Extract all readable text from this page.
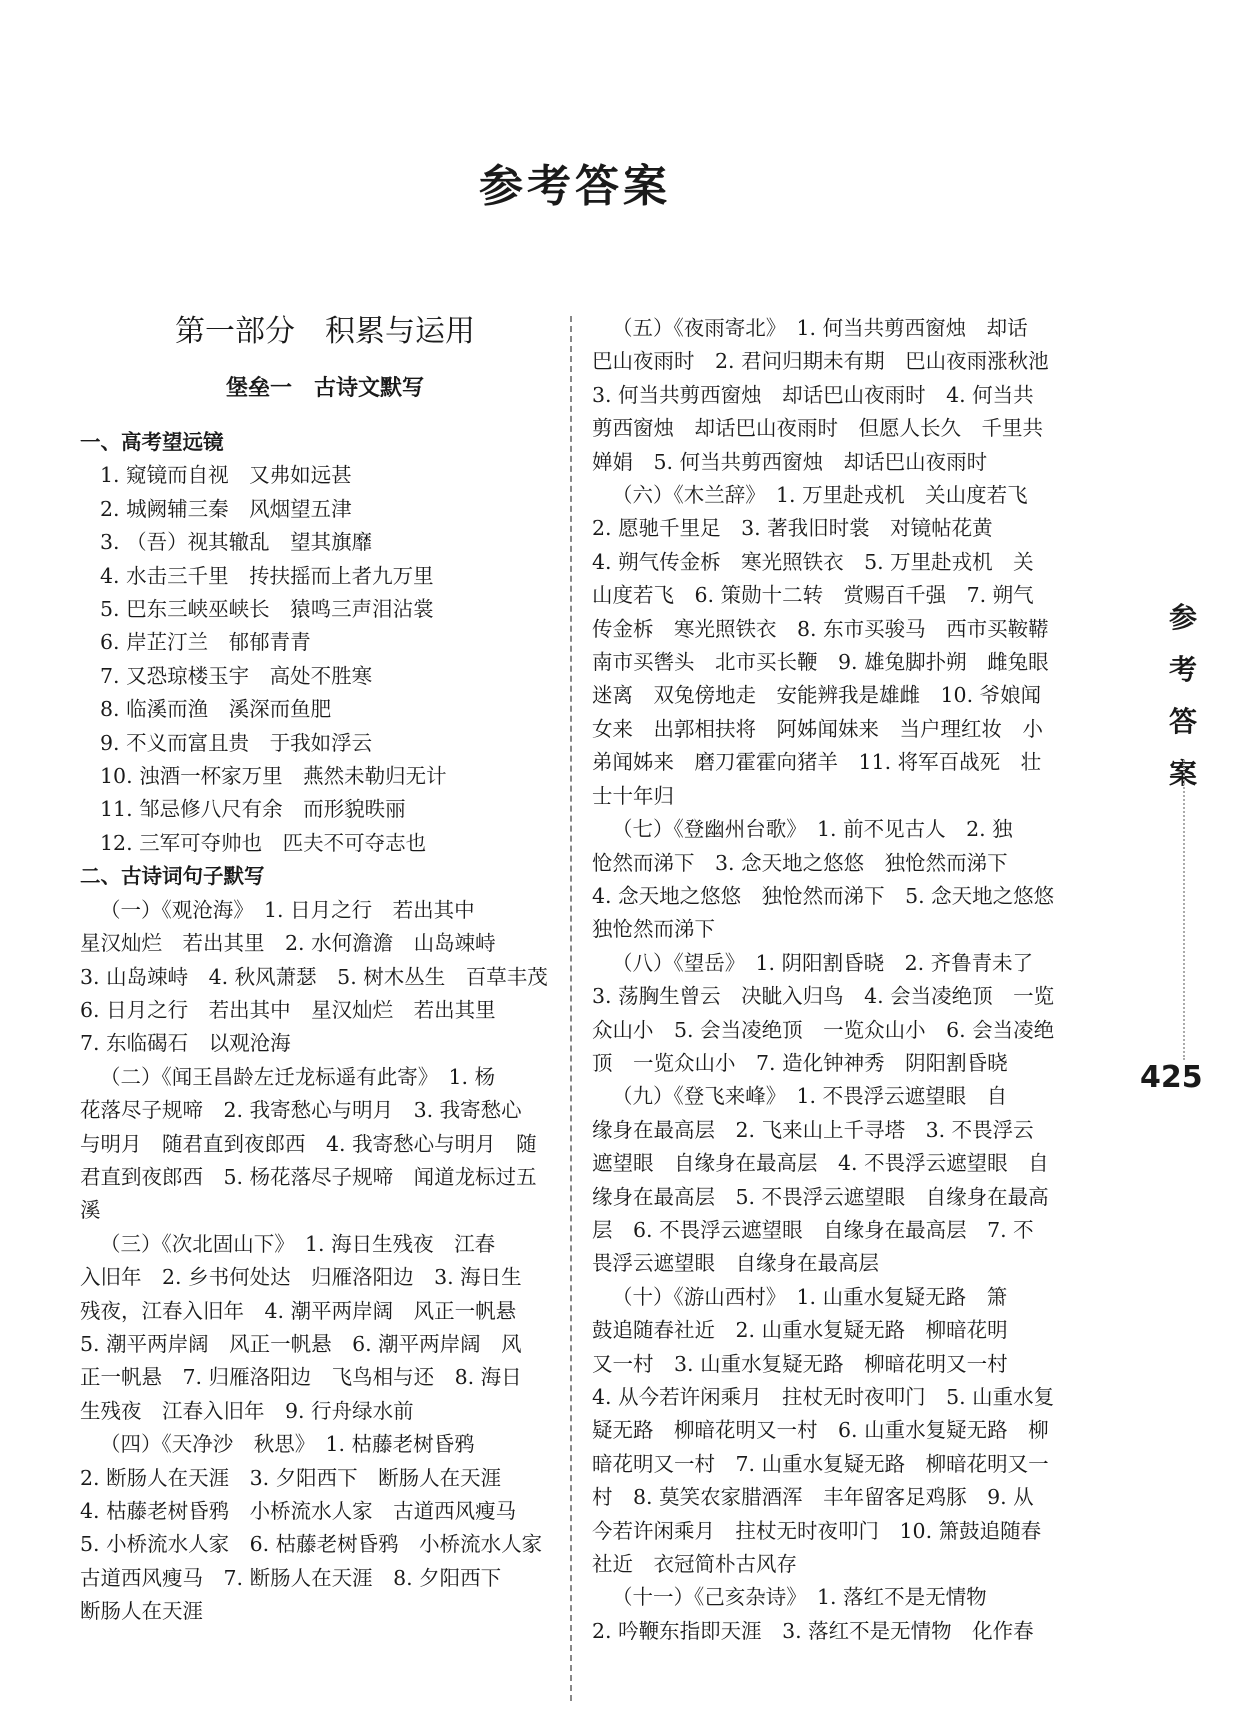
参考答案
第一部分　积累与运用
堡垒一　古诗文默写
一、高考望远镜
1. 窥镜而自视　又弗如远甚
2. 城阙辅三秦　风烟望五津
3. （吾）视其辙乱　望其旗靡
4. 水击三千里　抟扶摇而上者九万里
5. 巴东三峡巫峡长　猿鸣三声泪沾裳
6. 岸芷汀兰　郁郁青青
7. 又恐琼楼玉宇　高处不胜寒
8. 临溪而渔　溪深而鱼肥
9. 不义而富且贵　于我如浮云
10. 浊酒一杯家万里　燕然未勒归无计
11. 邹忌修八尺有余　而形貌昳丽
12. 三军可夺帅也　匹夫不可夺志也
二、古诗词句子默写
（一）《观沧海》　1. 日月之行　若出其中
星汉灿烂　若出其里　2. 水何澹澹　山岛竦峙
3. 山岛竦峙　4. 秋风萧瑟　5. 树木丛生　百草丰茂
6. 日月之行　若出其中　星汉灿烂　若出其里
7. 东临碣石　以观沧海
（二）《闻王昌龄左迁龙标遥有此寄》　1. 杨
花落尽子规啼　2. 我寄愁心与明月　3. 我寄愁心
与明月　随君直到夜郎西　4. 我寄愁心与明月　随
君直到夜郎西　5. 杨花落尽子规啼　闻道龙标过五
溪
（三）《次北固山下》　1. 海日生残夜　江春
入旧年　2. 乡书何处达　归雁洛阳边　3. 海日生
残夜，江春入旧年　4. 潮平两岸阔　风正一帆悬
5. 潮平两岸阔　风正一帆悬　6. 潮平两岸阔　风
正一帆悬　7. 归雁洛阳边　飞鸟相与还　8. 海日
生残夜　江春入旧年　9. 行舟绿水前
（四）《天净沙　秋思》　1. 枯藤老树昏鸦
2. 断肠人在天涯　3. 夕阳西下　断肠人在天涯
4. 枯藤老树昏鸦　小桥流水人家　古道西风瘦马
5. 小桥流水人家　6. 枯藤老树昏鸦　小桥流水人家
古道西风瘦马　7. 断肠人在天涯　8. 夕阳西下
断肠人在天涯
（五）《夜雨寄北》　1. 何当共剪西窗烛　却话
巴山夜雨时　2. 君问归期未有期　巴山夜雨涨秋池
3. 何当共剪西窗烛　却话巴山夜雨时　4. 何当共
剪西窗烛　却话巴山夜雨时　但愿人长久　千里共
婵娟　5. 何当共剪西窗烛　却话巴山夜雨时
（六）《木兰辞》　1. 万里赴戎机　关山度若飞
2. 愿驰千里足　3. 著我旧时裳　对镜帖花黄
4. 朔气传金柝　寒光照铁衣　5. 万里赴戎机　关
山度若飞　6. 策勋十二转　赏赐百千强　7. 朔气
传金柝　寒光照铁衣　8. 东市买骏马　西市买鞍鞯
南市买辔头　北市买长鞭　9. 雄兔脚扑朔　雌兔眼
迷离　双兔傍地走　安能辨我是雄雌　10. 爷娘闻
女来　出郭相扶将　阿姊闻妹来　当户理红妆　小
弟闻姊来　磨刀霍霍向猪羊　11. 将军百战死　壮
士十年归
（七）《登幽州台歌》　1. 前不见古人　2. 独
怆然而涕下　3. 念天地之悠悠　独怆然而涕下
4. 念天地之悠悠　独怆然而涕下　5. 念天地之悠悠
独怆然而涕下
（八）《望岳》　1. 阴阳割昏晓　2. 齐鲁青未了
3. 荡胸生曾云　决眦入归鸟　4. 会当凌绝顶　一览
众山小　5. 会当凌绝顶　一览众山小　6. 会当凌绝
顶　一览众山小　7. 造化钟神秀　阴阳割昏晓
（九）《登飞来峰》　1. 不畏浮云遮望眼　自
缘身在最高层　2. 飞来山上千寻塔　3. 不畏浮云
遮望眼　自缘身在最高层　4. 不畏浮云遮望眼　自
缘身在最高层　5. 不畏浮云遮望眼　自缘身在最高
层　6. 不畏浮云遮望眼　自缘身在最高层　7. 不
畏浮云遮望眼　自缘身在最高层
（十）《游山西村》　1. 山重水复疑无路　箫
鼓追随春社近　2. 山重水复疑无路　柳暗花明
又一村　3. 山重水复疑无路　柳暗花明又一村
4. 从今若许闲乘月　拄杖无时夜叩门　5. 山重水复
疑无路　柳暗花明又一村　6. 山重水复疑无路　柳
暗花明又一村　7. 山重水复疑无路　柳暗花明又一
村　8. 莫笑农家腊酒浑　丰年留客足鸡豚　9. 从
今若许闲乘月　拄杖无时夜叩门　10. 箫鼓追随春
社近　衣冠简朴古风存
（十一）《己亥杂诗》　1. 落红不是无情物
2. 吟鞭东指即天涯　3. 落红不是无情物　化作春
参
考
答
案
425
